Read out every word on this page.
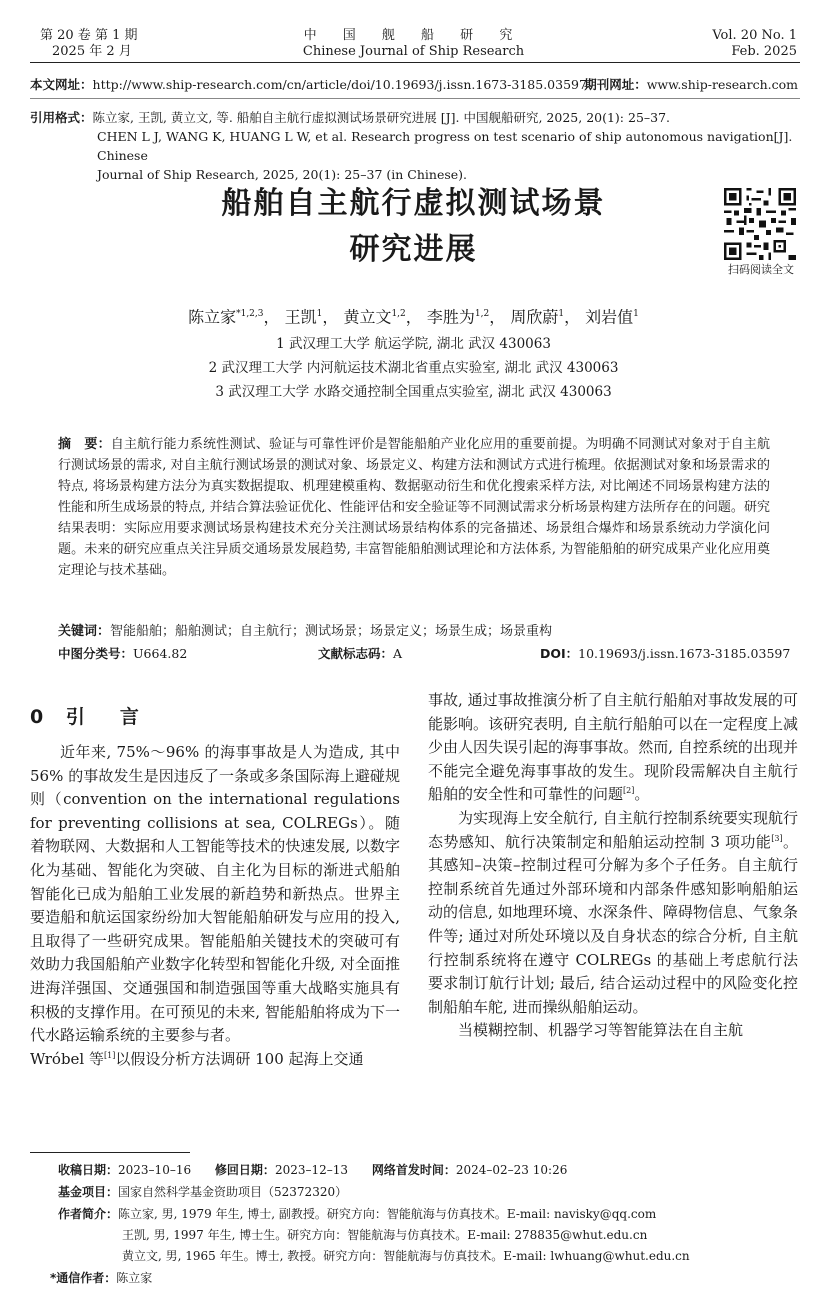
第 20 卷 第 1 期
2025 年 2 月
中 国 舰 船 研 究
Chinese Journal of Ship Research
Vol. 20 No. 1
Feb. 2025
本文网址：http://www.ship-research.com/cn/article/doi/10.19693/j.issn.1673-3185.03597
期刊网址：www.ship-research.com
引用格式：陈立家, 王凯, 黄立文, 等. 船舶自主航行虚拟测试场景研究进展 [J]. 中国舰船研究, 2025, 20(1): 25–37.
CHEN L J, WANG K, HUANG L W, et al. Research progress on test scenario of ship autonomous navigation[J]. Chinese
Journal of Ship Research, 2025, 20(1): 25–37 (in Chinese).
船舶自主航行虚拟测试场景
研究进展
扫码阅读全文
陈立家$^{*1,2,3}$， 王凯$^1$， 黄立文$^{1,2}$， 李胜为$^{1,2}$， 周欣蔚$^1$， 刘岩值$^1$
1 武汉理工大学 航运学院, 湖北 武汉 430063
2 武汉理工大学 内河航运技术湖北省重点实验室, 湖北 武汉 430063
3 武汉理工大学 水路交通控制全国重点实验室, 湖北 武汉 430063
摘　要：自主航行能力系统性测试、验证与可靠性评价是智能船舶产业化应用的重要前提。为明确不同测试对象对于自主航行测试场景的需求, 对自主航行测试场景的测试对象、场景定义、构建方法和测试方式进行梳理。依据测试对象和场景需求的特点, 将场景构建方法分为真实数据提取、机理建模重构、数据驱动衍生和优化搜索采样方法, 对比阐述不同场景构建方法的性能和所生成场景的特点, 并结合算法验证优化、性能评估和安全验证等不同测试需求分析场景构建方法所存在的问题。研究结果表明：实际应用要求测试场景构建技术充分关注测试场景结构体系的完备描述、场景组合爆炸和场景系统动力学演化问题。未来的研究应重点关注异质交通场景发展趋势, 丰富智能船舶测试理论和方法体系, 为智能船舶的研究成果产业化应用奠定理论与技术基础。
关键词：智能船舶；船舶测试；自主航行；测试场景；场景定义；场景生成；场景重构
中图分类号：U664.82	文献标志码：A	DOI：10.19693/j.issn.1673-3185.03597
0 引　言

近年来, 75%～96% 的海事事故是人为造成, 其中 56% 的事故发生是因违反了一条或多条国际海上避碰规则（convention on the international regulations for preventing collisions at sea, COLREGs）。随着物联网、大数据和人工智能等技术的快速发展, 以数字化为基础、智能化为突破、自主化为目标的渐进式船舶智能化已成为船舶工业发展的新趋势和新热点。世界主要造船和航运国家纷纷加大智能船舶研发与应用的投入, 且取得了一些研究成果。智能船舶关键技术的突破可有效助力我国船舶产业数字化转型和智能化升级, 对全面推进海洋强国、交通强国和制造强国等重大战略实施具有积极的支撑作用。在可预见的未来, 智能船舶将成为下一代水路运输系统的主要参与者。

Wróbel 等[1]以假设分析方法调研 100 起海上交通

事故, 通过事故推演分析了自主航行船舶对事故发展的可能影响。该研究表明, 自主航行船舶可以在一定程度上减少由人因失误引起的海事事故。然而, 自控系统的出现并不能完全避免海事事故的发生。现阶段需解决自主航行船舶的安全性和可靠性的问题[2]。

为实现海上安全航行, 自主航行控制系统要实现航行态势感知、航行决策制定和船舶运动控制 3 项功能[3]。其感知–决策–控制过程可分解为多个子任务。自主航行控制系统首先通过外部环境和内部条件感知影响船舶运动的信息, 如地理环境、水深条件、障碍物信息、气象条件等; 通过对所处环境以及自身状态的综合分析, 自主航行控制系统将在遵守 COLREGs 的基础上考虑航行法要求制订航行计划; 最后, 结合运动过程中的风险变化控制船舶车舵, 进而操纵船舶运动。

当模糊控制、机器学习等智能算法在自主航

收稿日期：2023–10–16 修回日期：2023–12–13 网络首发时间：2024–02–23 10:26
基金项目：国家自然科学基金资助项目（52372320）
作者简介：陈立家, 男, 1979 年生, 博士, 副教授。研究方向：智能航海与仿真技术。E-mail: navisky@qq.com
王凯, 男, 1997 年生, 博士生。研究方向：智能航海与仿真技术。E-mail: 278835@whut.edu.cn
黄立文, 男, 1965 年生。博士, 教授。研究方向：智能航海与仿真技术。E-mail: lwhuang@whut.edu.cn
*通信作者：陈立家
